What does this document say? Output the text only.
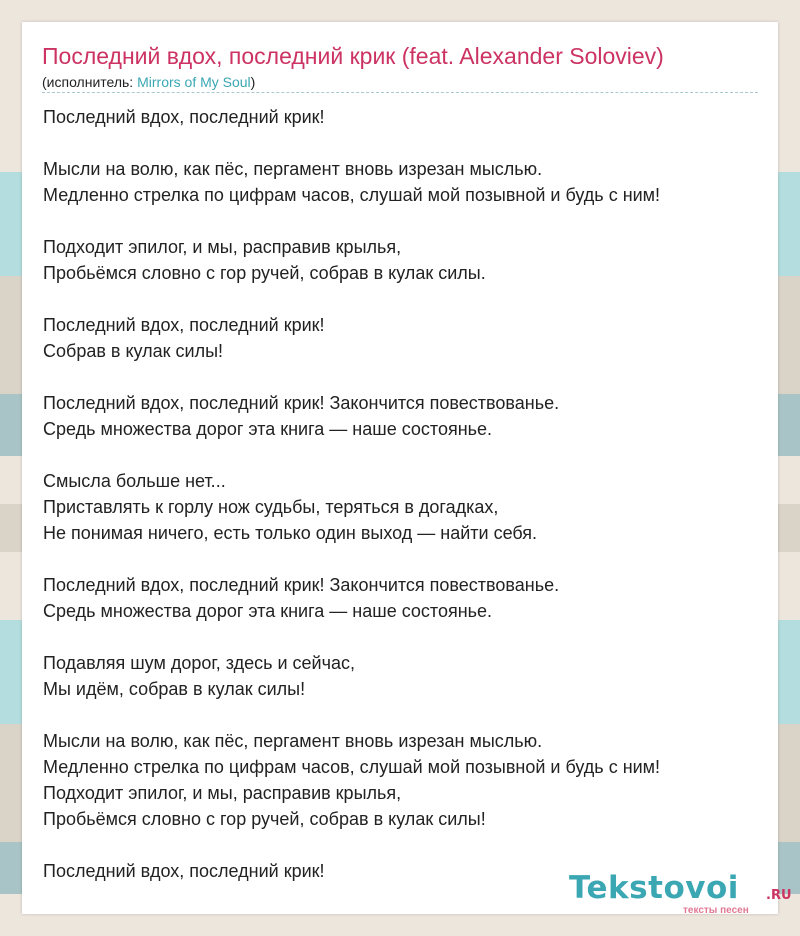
Последний вдох, последний крик (feat. Alexander Soloviev)
(исполнитель: Mirrors of My Soul)
Последний вдох, последний крик!
Мысли на волю, как пёс, пергамент вновь изрезан мыслью.
Медленно стрелка по цифрам часов, слушай мой позывной и будь с ним!
Подходит эпилог, и мы, расправив крылья,
Пробьёмся словно с гор ручей, собрав в кулак силы.
Последний вдох, последний крик!
Собрав в кулак силы!
Последний вдох, последний крик! Закончится повествованье.
Средь множества дорог эта книга — наше состоянье.
Смысла больше нет...
Приставлять к горлу нож судьбы, теряться в догадках,
Не понимая ничего, есть только один выход — найти себя.
Последний вдох, последний крик! Закончится повествованье.
Средь множества дорог эта книга — наше состоянье.
Подавляя шум дорог, здесь и сейчас,
Мы идём, собрав в кулак силы!
Мысли на волю, как пёс, пергамент вновь изрезан мыслью.
Медленно стрелка по цифрам часов, слушай мой позывной и будь с ним!
Подходит эпилог, и мы, расправив крылья,
Пробьёмся словно с гор ручей, собрав в кулак силы!
Последний вдох, последний крик!	Tekstovoi .RU
тексты песен
